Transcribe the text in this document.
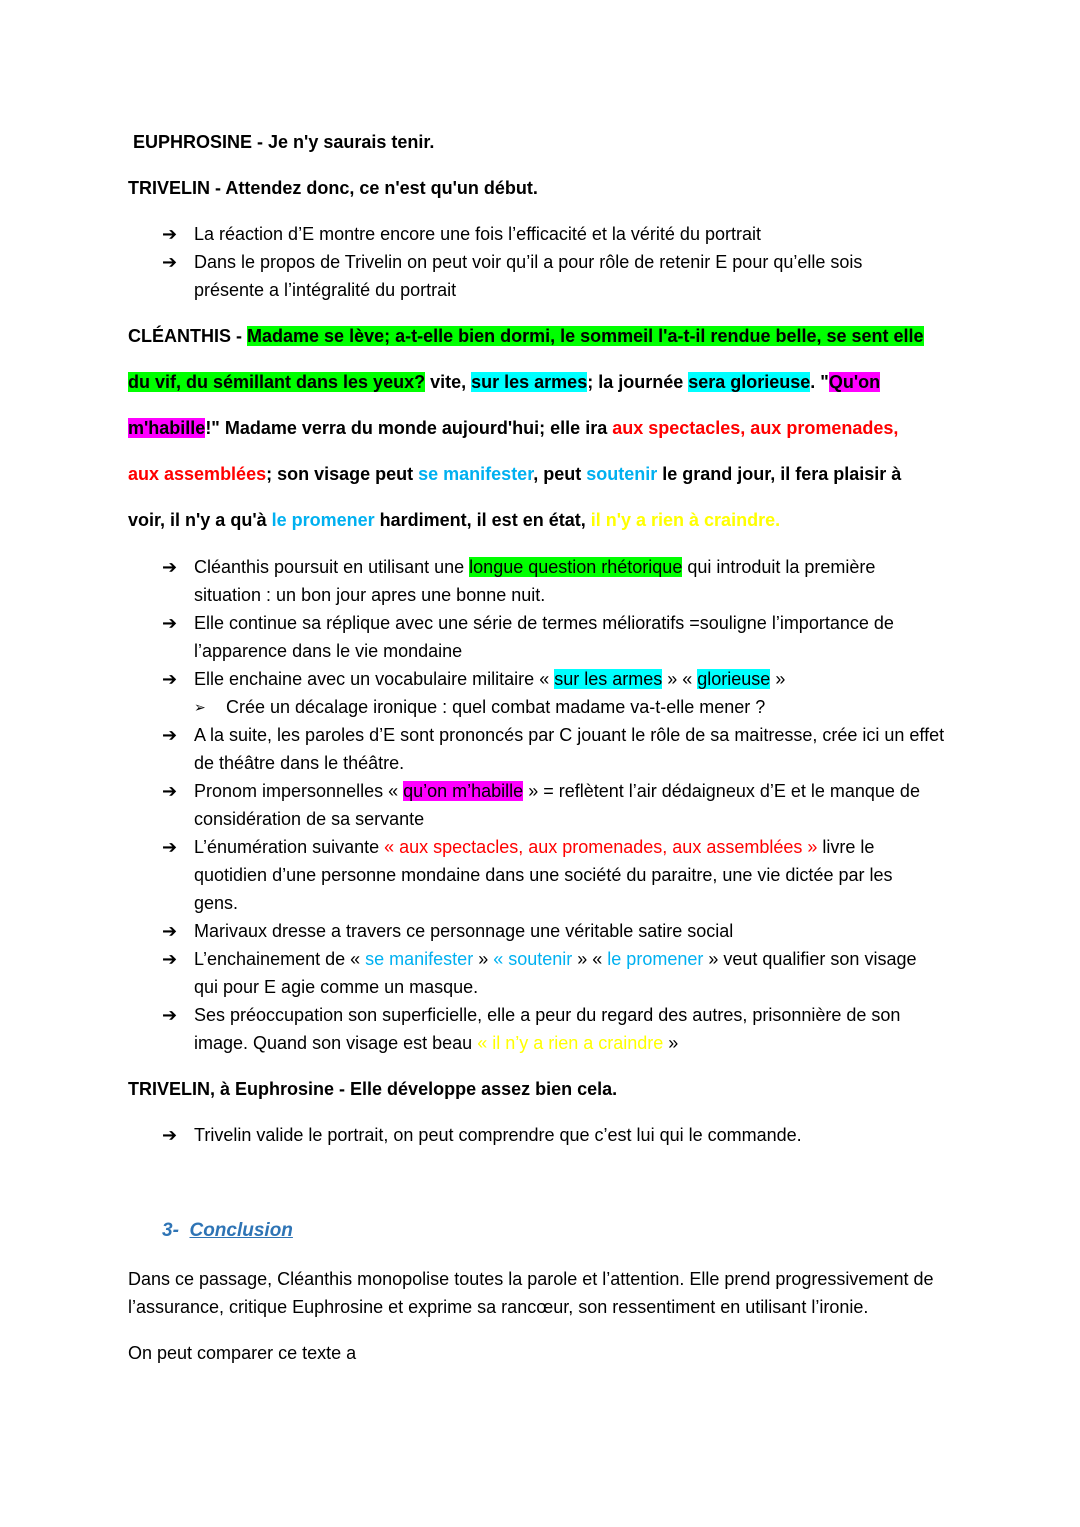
EUPHROSINE - Je n'y saurais tenir.
TRIVELIN - Attendez donc, ce n'est qu'un début.
➔ La réaction d’E montre encore une fois l’efficacité et la vérité du portrait
➔ Dans le propos de Trivelin on peut voir qu’il a pour rôle de retenir E pour qu’elle sois
présente a l’intégralité du portrait
CLÉANTHIS - Madame se lève; a-t-elle bien dormi, le sommeil l'a-t-il rendue belle, se sent elle
du vif, du sémillant dans les yeux? vite, sur les armes; la journée sera glorieuse. "Qu'on
m'habille!" Madame verra du monde aujourd'hui; elle ira aux spectacles, aux promenades,
aux assemblées; son visage peut se manifester, peut soutenir le grand jour, il fera plaisir à
voir, il n'y a qu'à le promener hardiment, il est en état, il n'y a rien à craindre.
➔ Cléanthis poursuit en utilisant une longue question rhétorique qui introduit la première
situation : un bon jour apres une bonne nuit.
➔ Elle continue sa réplique avec une série de termes mélioratifs =souligne l’importance de
l’apparence dans le vie mondaine
➔ Elle enchaine avec un vocabulaire militaire « sur les armes » « glorieuse »
➢ Crée un décalage ironique : quel combat madame va-t-elle mener ?
➔ A la suite, les paroles d’E sont prononcés par C jouant le rôle de sa maitresse, crée ici un effet
de théâtre dans le théâtre.
➔ Pronom impersonnelles « qu’on m’habille » = reflètent l’air dédaigneux d’E et le manque de
considération de sa servante
➔ L’énumération suivante « aux spectacles, aux promenades, aux assemblées » livre le
quotidien d’une personne mondaine dans une société du paraitre, une vie dictée par les
gens.
➔ Marivaux dresse a travers ce personnage une véritable satire social
➔ L’enchainement de « se manifester » « soutenir » « le promener » veut qualifier son visage
qui pour E agie comme un masque.
➔ Ses préoccupation son superficielle, elle a peur du regard des autres, prisonnière de son
image. Quand son visage est beau « il n’y a rien a craindre »
TRIVELIN, à Euphrosine - Elle développe assez bien cela.
➔ Trivelin valide le portrait, on peut comprendre que c’est lui qui le commande.
3- Conclusion
Dans ce passage, Cléanthis monopolise toutes la parole et l’attention. Elle prend progressivement de
l’assurance, critique Euphrosine et exprime sa rancœur, son ressentiment en utilisant l’ironie.
On peut comparer ce texte a
